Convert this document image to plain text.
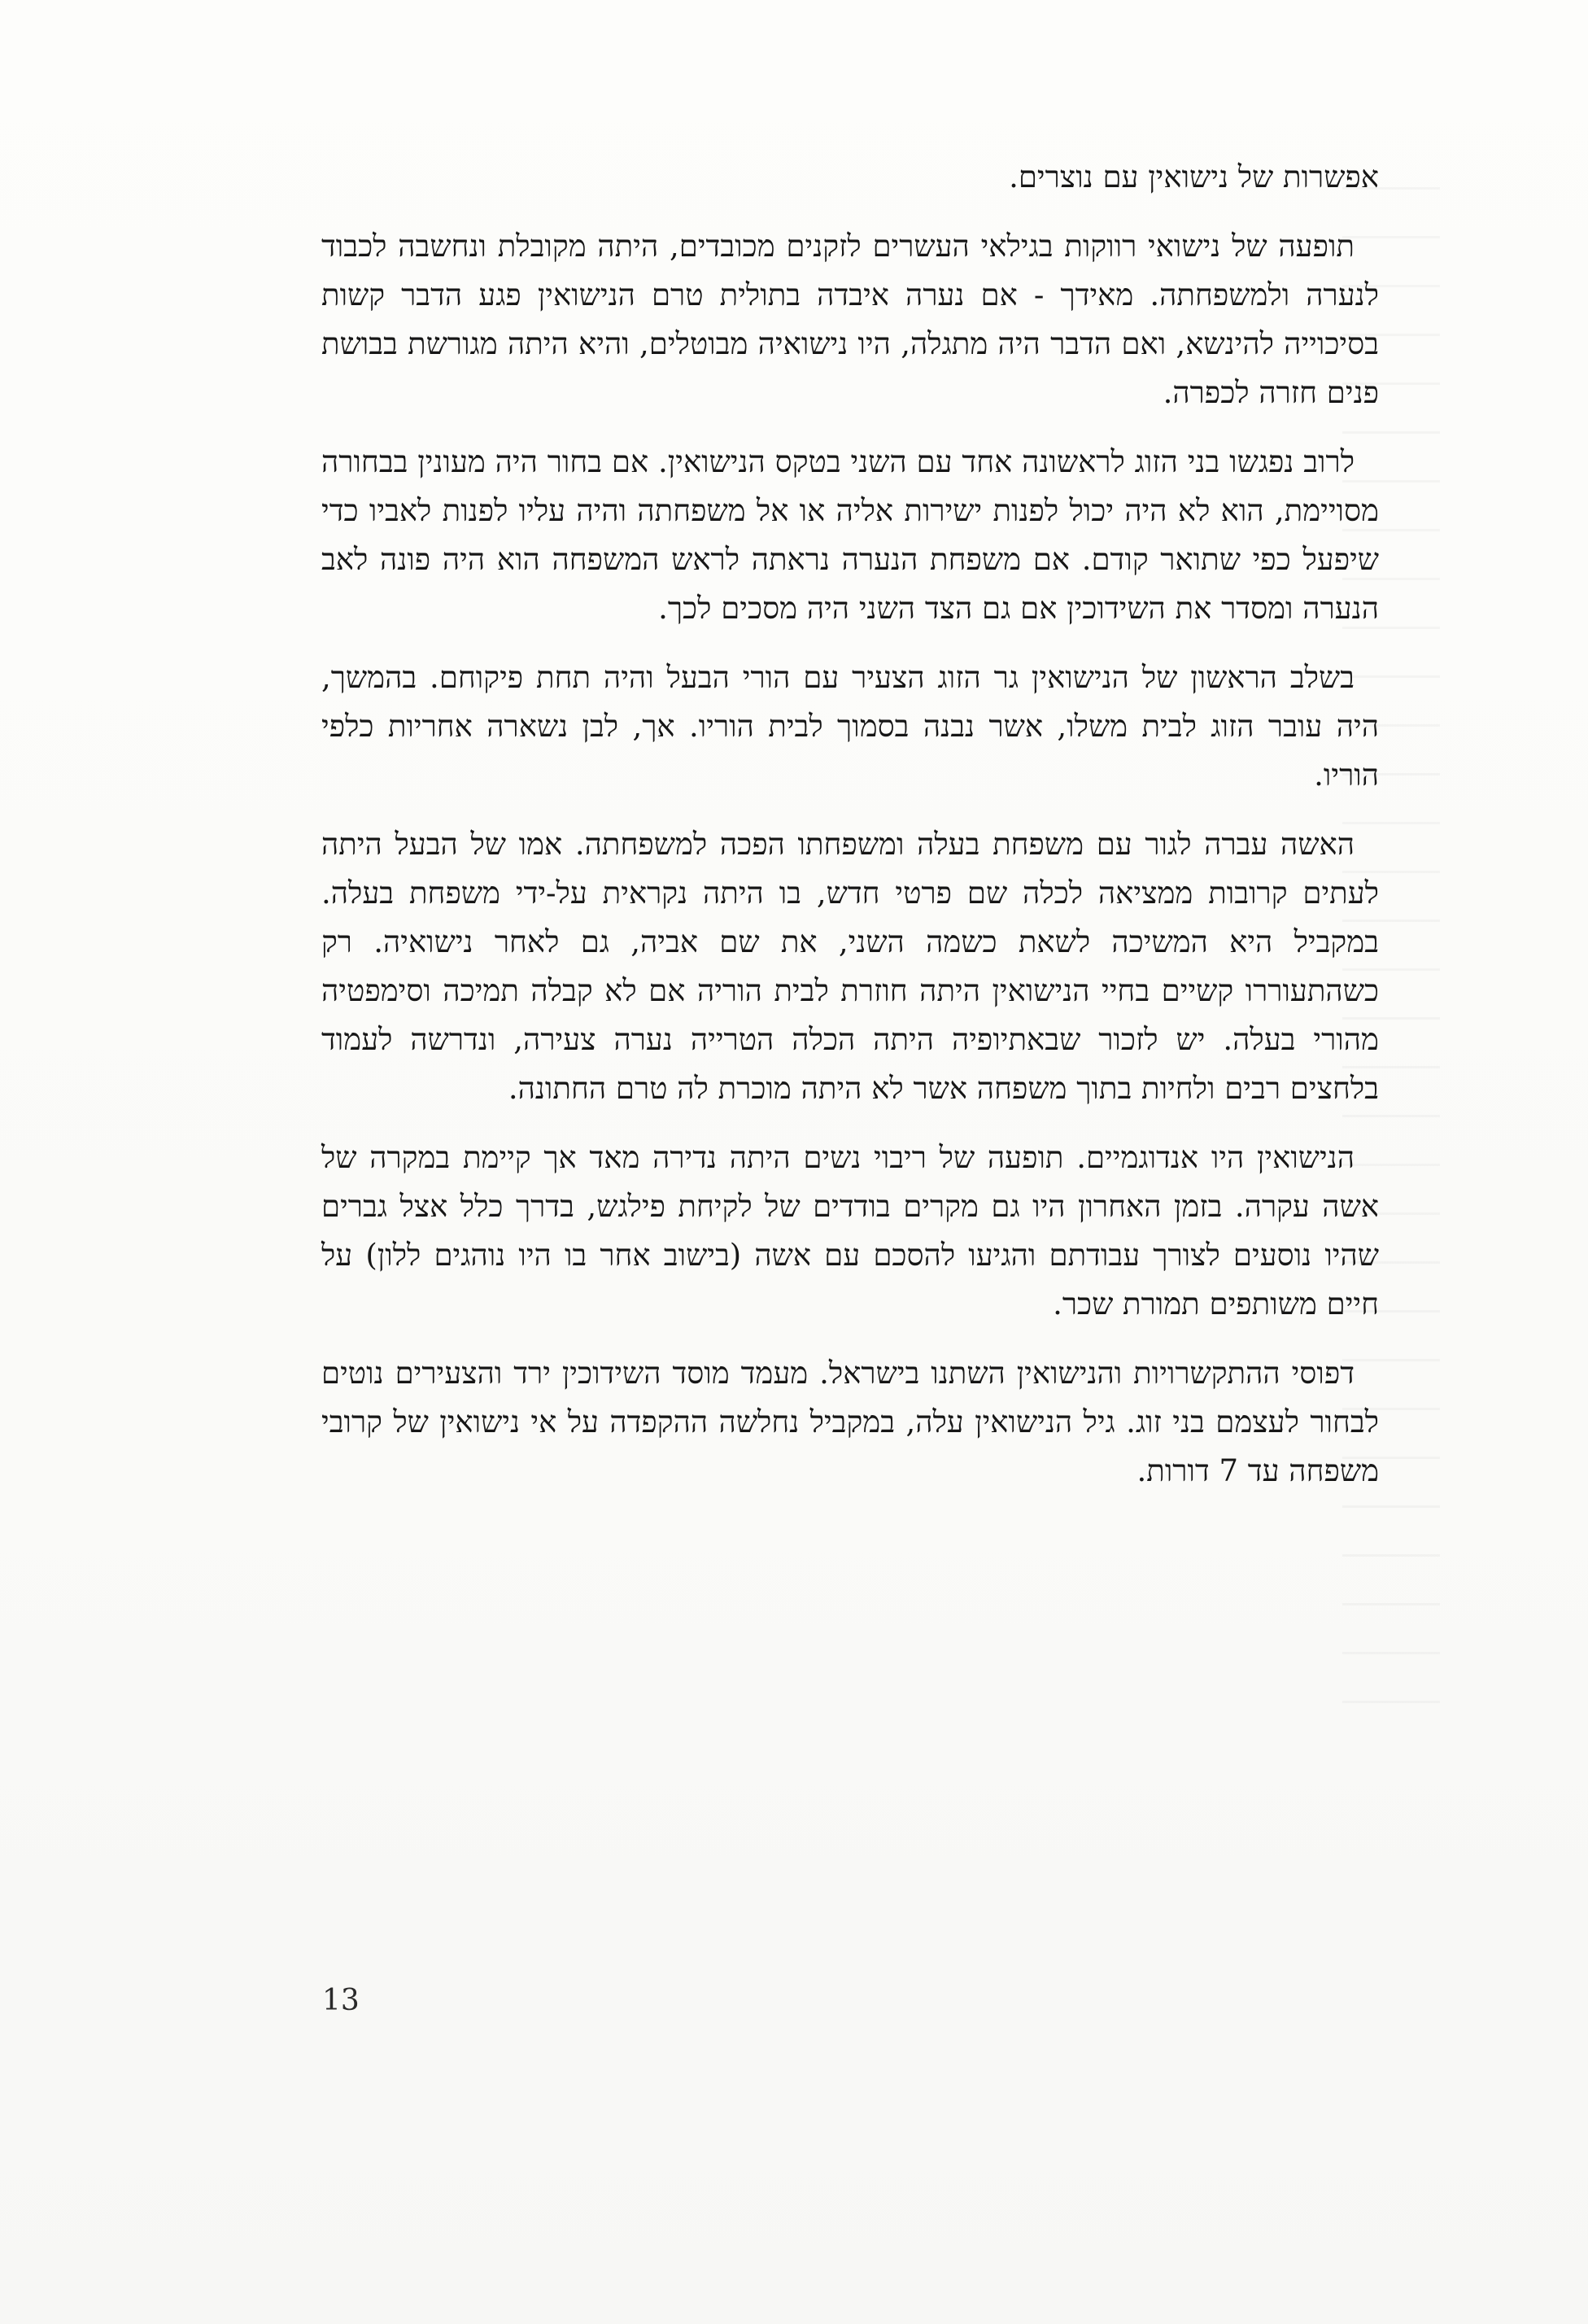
אפשרות של נישואין עם נוצרים.

תופעה של נישואי רווקות בגילאי העשרים לזקנים מכובדים, היתה מקובלת ונחשבה לכבוד לנערה ולמשפחתה. מאידך - אם נערה איבדה בתולית טרם הנישואין פגע הדבר קשות בסיכוייה להינשא, ואם הדבר היה מתגלה, היו נישואיה מבוטלים, והיא היתה מגורשת בבושת פנים חזרה לכפרה.

לרוב נפגשו בני הזוג לראשונה אחד עם השני בטקס הנישואין. אם בחור היה מעונין בבחורה מסויימת, הוא לא היה יכול לפנות ישירות אליה או אל משפחתה והיה עליו לפנות לאביו כדי שיפעל כפי שתואר קודם. אם משפחת הנערה נראתה לראש המשפחה הוא היה פונה לאב הנערה ומסדר את השידוכין אם גם הצד השני היה מסכים לכך.

בשלב הראשון של הנישואין גר הזוג הצעיר עם הורי הבעל והיה תחת פיקוחם. בהמשך, היה עובר הזוג לבית משלו, אשר נבנה בסמוך לבית הוריו. אך, לבן נשארה אחריות כלפי הוריו.

האשה עברה לגור עם משפחת בעלה ומשפחתו הפכה למשפחתה. אמו של הבעל היתה לעתים קרובות ממציאה לכלה שם פרטי חדש, בו היתה נקראית על-ידי משפחת בעלה. במקביל היא המשיכה לשאת כשמה השני, את שם אביה, גם לאחר נישואיה. רק כשהתעוררו קשיים בחיי הנישואין היתה חוזרת לבית הוריה אם לא קבלה תמיכה וסימפטיה מהורי בעלה. יש לזכור שבאתיופיה היתה הכלה הטרייה נערה צעירה, ונדרשה לעמוד בלחצים רבים ולחיות בתוך משפחה אשר לא היתה מוכרת לה טרם החתונה.

הנישואין היו אנדוגמיים. תופעה של ריבוי נשים היתה נדירה מאד אך קיימת במקרה של אשה עקרה. בזמן האחרון היו גם מקרים בודדים של לקיחת פילגש, בדרך כלל אצל גברים שהיו נוסעים לצורך עבודתם והגיעו להסכם עם אשה (בישוב אחר בו היו נוהגים ללון) על חיים משותפים תמורת שכר.

דפוסי ההתקשרויות והנישואין השתנו בישראל. מעמד מוסד השידוכין ירד והצעירים נוטים לבחור לעצמם בני זוג. גיל הנישואין עלה, במקביל נחלשה ההקפדה על אי נישואין של קרובי משפחה עד 7 דורות.

13
